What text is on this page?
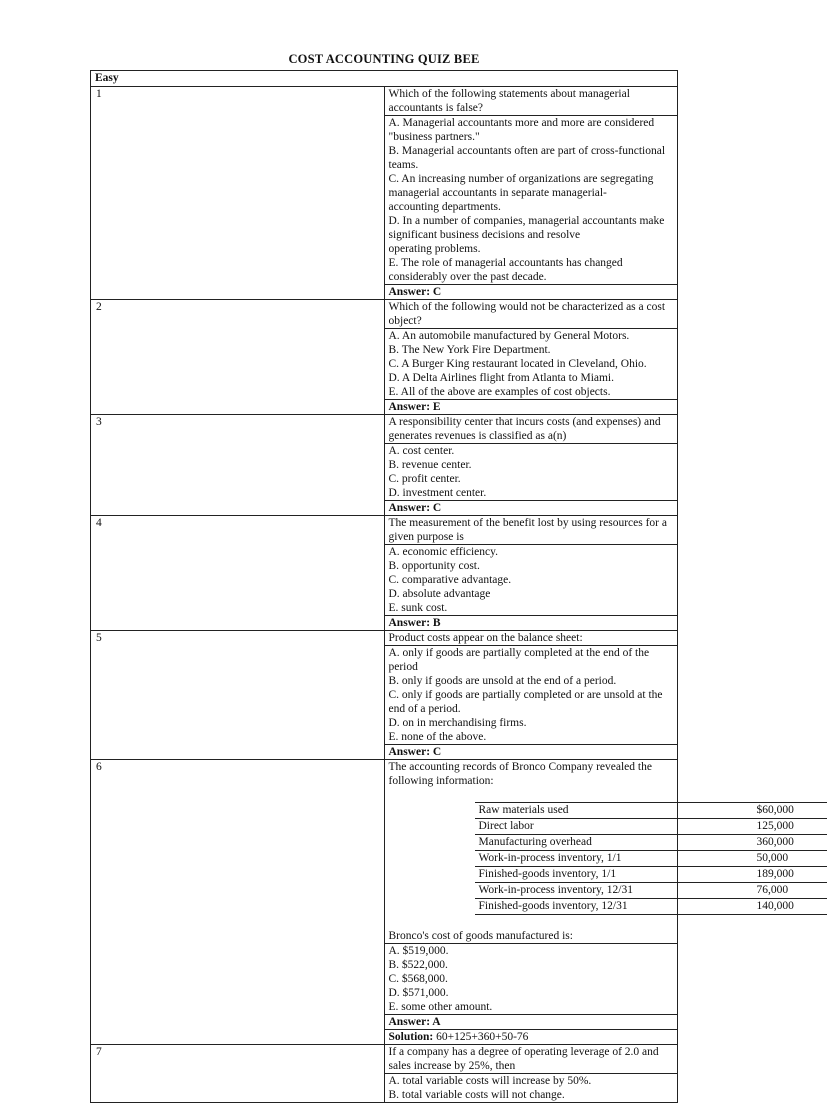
COST ACCOUNTING QUIZ BEE
Easy
1	Which of the following statements about managerial accountants is false?

A. Managerial accountants more and more are considered "business partners."
B. Managerial accountants often are part of cross-functional teams.
C. An increasing number of organizations are segregating managerial accountants in separate managerial-
accounting departments.
D. In a number of companies, managerial accountants make significant business decisions and resolve
operating problems.
E. The role of managerial accountants has changed considerably over the past decade.

Answer: C
2	Which of the following would not be characterized as a cost object?

A. An automobile manufactured by General Motors.
B. The New York Fire Department.
C. A Burger King restaurant located in Cleveland, Ohio.
D. A Delta Airlines flight from Atlanta to Miami.
E. All of the above are examples of cost objects.

Answer: E
3	A responsibility center that incurs costs (and expenses) and generates revenues is classified as a(n)

A. cost center.
B. revenue center.
C. profit center.
D. investment center.

Answer: C
4	The measurement of the benefit lost by using resources for a given purpose is

A. economic efficiency.
B. opportunity cost.
C. comparative advantage.
D. absolute advantage
E. sunk cost.

Answer: B
5	Product costs appear on the balance sheet:

A. only if goods are partially completed at the end of the period
B. only if goods are unsold at the end of a period.
C. only if goods are partially completed or are unsold at the end of a period.
D. on in merchandising firms.
E. none of the above.

Answer: C
6	The accounting records of Bronco Company revealed the following information:
Raw materials used	$60,000
Direct labor	125,000
Manufacturing overhead	360,000
Work-in-process inventory, 1/1	50,000
Finished-goods inventory, 1/1	189,000
Work-in-process inventory, 12/31	76,000
Finished-goods inventory, 12/31	140,000
Bronco's cost of goods manufactured is:

A. $519,000.
B. $522,000.
C. $568,000.
D. $571,000.
E. some other amount.

Answer: A
Solution: 60+125+360+50-76
7	If a company has a degree of operating leverage of 2.0 and sales increase by 25%, then

A. total variable costs will increase by 50%.
B. total variable costs will not change.
